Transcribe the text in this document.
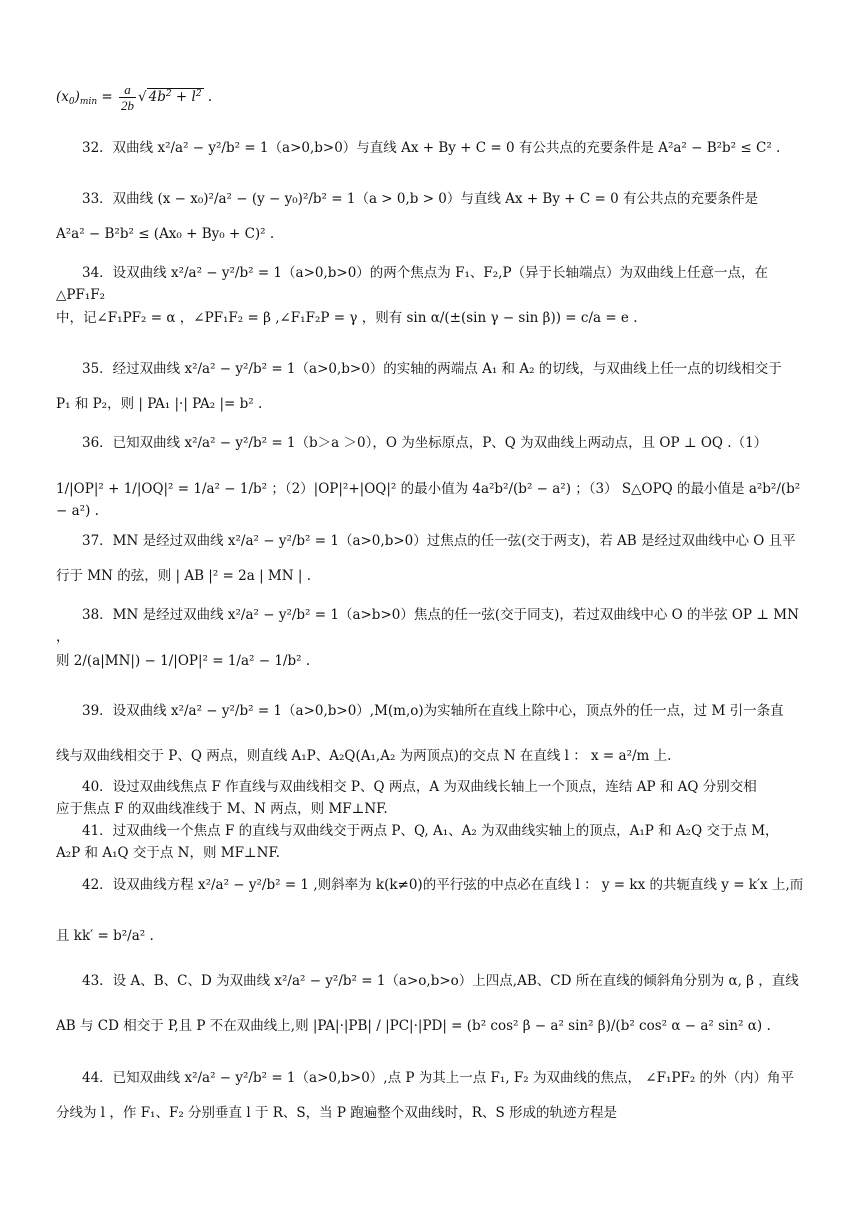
$(x_0)_{min} = \frac{a}{2b}$ √ $4b^2 + l^2$ .
32．双曲线 x²/a² − y²/b² = 1（a>0,b>0）与直线 Ax + By + C = 0 有公共点的充要条件是 A²a² − B²b² ≤ C² .
33．双曲线 (x − x₀)²/a² − (y − y₀)²/b² = 1（a > 0,b > 0）与直线 Ax + By + C = 0 有公共点的充要条件是
A²a² − B²b² ≤ (Ax₀ + By₀ + C)² .
34．设双曲线 x²/a² − y²/b² = 1（a>0,b>0）的两个焦点为 F₁、F₂,P（异于长轴端点）为双曲线上任意一点，在△PF₁F₂
中，记∠F₁PF₂ = α ，∠PF₁F₂ = β ,∠F₁F₂P = γ ，则有 sin α/(±(sin γ − sin β)) = c/a = e .
35．经过双曲线 x²/a² − y²/b² = 1（a>0,b>0）的实轴的两端点 A₁ 和 A₂ 的切线，与双曲线上任一点的切线相交于
P₁ 和 P₂，则 | PA₁ |·| PA₂ |= b² .
36．已知双曲线 x²/a² − y²/b² = 1（b＞a ＞0），O 为坐标原点，P、Q 为双曲线上两动点，且 OP ⊥ OQ .（1）
1/|OP|² + 1/|OQ|² = 1/a² − 1/b² ；（2）|OP|²+|OQ|² 的最小值为 4a²b²/(b² − a²) ；（3） S△OPQ 的最小值是 a²b²/(b² − a²) .
37．MN 是经过双曲线 x²/a² − y²/b² = 1（a>0,b>0）过焦点的任一弦(交于两支)，若 AB 是经过双曲线中心 O 且平
行于 MN 的弦，则 | AB |² = 2a | MN | .
38．MN 是经过双曲线 x²/a² − y²/b² = 1（a>b>0）焦点的任一弦(交于同支)，若过双曲线中心 O 的半弦 OP ⊥ MN ，
则 2/(a|MN|) − 1/|OP|² = 1/a² − 1/b² .
39．设双曲线 x²/a² − y²/b² = 1（a>0,b>0）,M(m,o)为实轴所在直线上除中心，顶点外的任一点，过 M 引一条直
线与双曲线相交于 P、Q 两点，则直线 A₁P、A₂Q(A₁,A₂ 为两顶点)的交点 N 在直线 l ： x = a²/m 上.
40．设过双曲线焦点 F 作直线与双曲线相交 P、Q 两点，A 为双曲线长轴上一个顶点，连结 AP 和 AQ 分别交相
应于焦点 F 的双曲线准线于 M、N 两点，则 MF⊥NF.
41．过双曲线一个焦点 F 的直线与双曲线交于两点 P、Q, A₁、A₂ 为双曲线实轴上的顶点，A₁P 和 A₂Q 交于点 M，
A₂P 和 A₁Q 交于点 N，则 MF⊥NF.
42．设双曲线方程 x²/a² − y²/b² = 1 ,则斜率为 k(k≠0)的平行弦的中点必在直线 l ： y = kx 的共轭直线 y = k′x 上,而
且 kk′ = b²/a² .
43．设 A、B、C、D 为双曲线 x²/a² − y²/b² = 1（a>o,b>o）上四点,AB、CD 所在直线的倾斜角分别为 α, β ，直线
AB 与 CD 相交于 P,且 P 不在双曲线上,则 |PA|·|PB| / |PC|·|PD| = (b² cos² β − a² sin² β)/(b² cos² α − a² sin² α) .
44．已知双曲线 x²/a² − y²/b² = 1（a>0,b>0）,点 P 为其上一点 F₁, F₂ 为双曲线的焦点， ∠F₁PF₂ 的外（内）角平
分线为 l ，作 F₁、F₂ 分别垂直 l 于 R、S，当 P 跑遍整个双曲线时，R、S 形成的轨迹方程是
